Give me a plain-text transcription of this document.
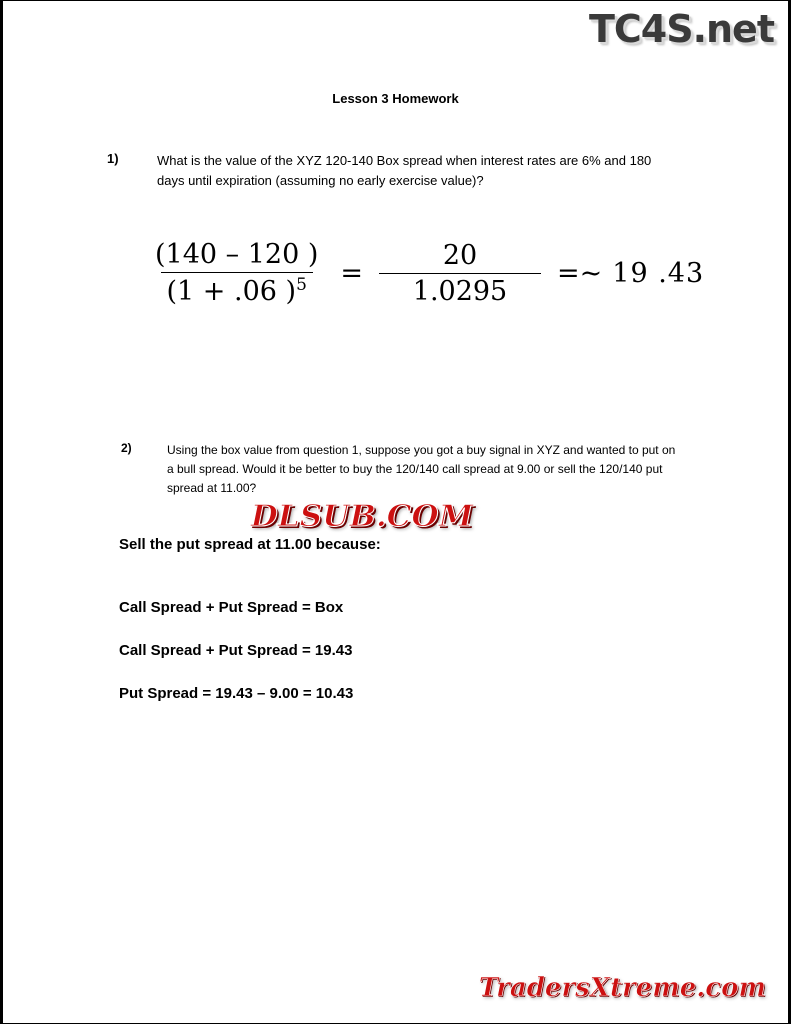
TC4S.net
Lesson 3 Homework
1)	What is the value of the XYZ 120-140 Box spread when interest rates are 6% and 180 days until expiration (assuming no early exercise value)?
$\frac{(140 - 120 )}{(1 + .06 )^5} = \frac{20}{1.0295}$ =~ 19 .43
2)	Using the box value from question 1, suppose you got a buy signal in XYZ and wanted to put on a bull spread. Would it be better to buy the 120/140 call spread at 9.00 or sell the 120/140 put spread at 11.00?
DLSUB.COM
Sell the put spread at 11.00 because:
Call Spread + Put Spread = Box
Call Spread + Put Spread = 19.43
Put Spread = 19.43 – 9.00 = 10.43
TradersXtreme.com
